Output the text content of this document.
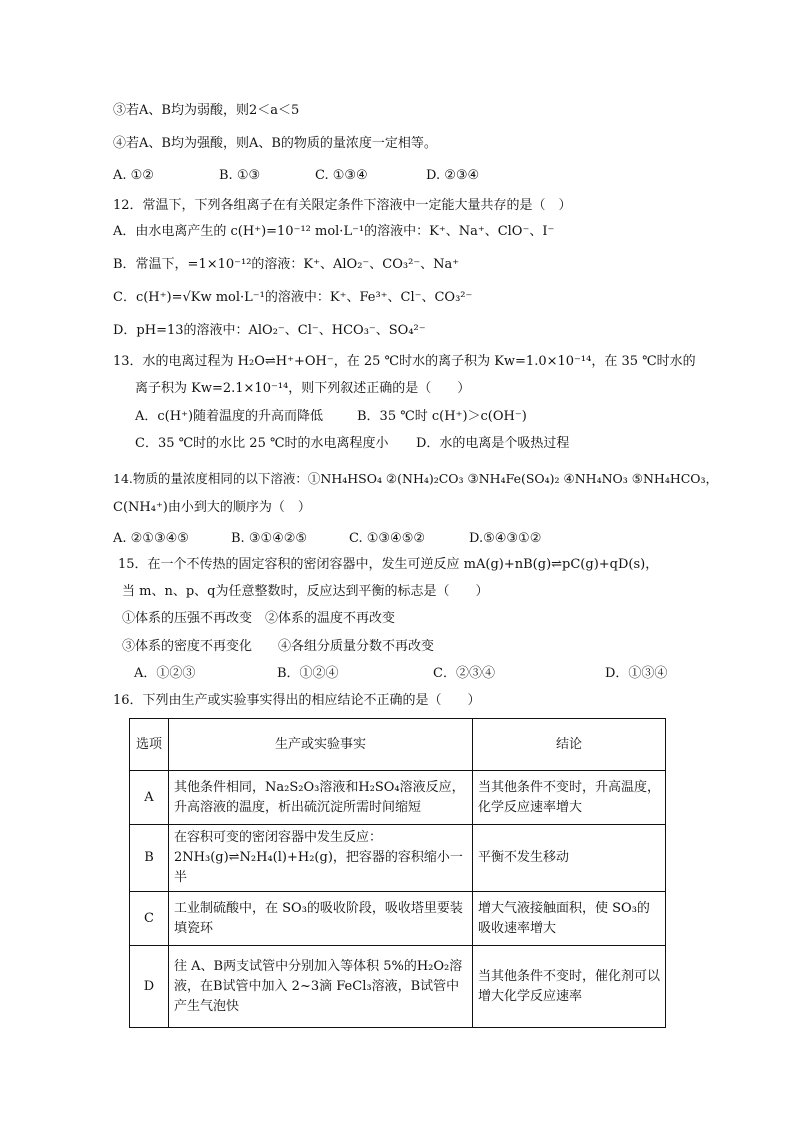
③若A、B均为弱酸，则2＜a＜5
④若A、B均为强酸，则A、B的物质的量浓度一定相等。
A. ①②	B. ①③	C. ①③④	D. ②③④
12．常温下，下列各组离子在有关限定条件下溶液中一定能大量共存的是（　）
A．由水电离产生的 c(H⁺)=10⁻¹² mol·L⁻¹的溶液中：K⁺、Na⁺、ClO⁻、I⁻
B．常温下，=1×10⁻¹²的溶液：K⁺、AlO₂⁻、CO₃²⁻、Na⁺
C．c(H⁺)=√Kw mol·L⁻¹的溶液中：K⁺、Fe³⁺、Cl⁻、CO₃²⁻
D．pH=13的溶液中：AlO₂⁻、Cl⁻、HCO₃⁻、SO₄²⁻
13．水的电离过程为 H₂O⇌H⁺+OH⁻，在 25 ℃时水的离子积为 Kw=1.0×10⁻¹⁴，在 35 ℃时水的
离子积为 Kw=2.1×10⁻¹⁴，则下列叙述正确的是（　　）
A．c(H⁺)随着温度的升高而降低	B．35 ℃时 c(H⁺)＞c(OH⁻)
C．35 ℃时的水比 25 ℃时的水电离程度小 D．水的电离是个吸热过程
14.物质的量浓度相同的以下溶液：①NH₄HSO₄ ②(NH₄)₂CO₃ ③NH₄Fe(SO₄)₂ ④NH₄NO₃ ⑤NH₄HCO₃，
C(NH₄⁺)由小到大的顺序为（　）
A. ②①③④⑤	B. ③①④②⑤	C. ①③④⑤②	D.⑤④③①②
15．在一个不传热的固定容积的密闭容器中，发生可逆反应 mA(g)+nB(g)⇌pC(g)+qD(s)，
当 m、n、p、q为任意整数时，反应达到平衡的标志是（　　）
①体系的压强不再改变　②体系的温度不再改变
③体系的密度不再变化　　④各组分质量分数不再改变
A．①②③	B．①②④	C．②③④	D．①③④
16．下列由生产或实验事实得出的相应结论不正确的是（　　）
选项	生产或实验事实	结论
A	其他条件相同，Na₂S₂O₃溶液和H₂SO₄溶液反应，升高溶液的温度，析出硫沉淀所需时间缩短	当其他条件不变时，升高温度，化学反应速率增大
B	在容积可变的密闭容器中发生反应：2NH₃(g)⇌N₂H₄(l)+H₂(g)，把容器的容积缩小一半	平衡不发生移动
C	工业制硫酸中，在 SO₃的吸收阶段，吸收塔里要装填瓷环	增大气液接触面积，使 SO₃的吸收速率增大
D	往 A、B两支试管中分别加入等体积 5%的H₂O₂溶液，在B试管中加入 2~3滴 FeCl₃溶液，B试管中产生气泡快	当其他条件不变时，催化剂可以增大化学反应速率
